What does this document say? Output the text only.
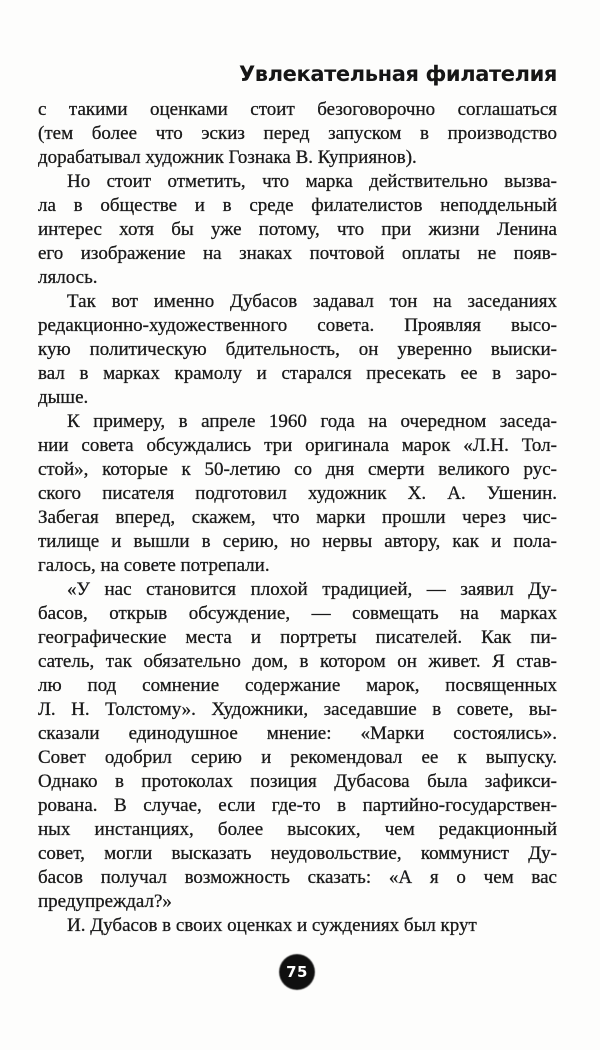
Увлекательная филателия
с такими оценками стоит безоговорочно соглашаться
(тем более что эскиз перед запуском в производство
дорабатывал художник Гознака В. Куприянов).
Но стоит отметить, что марка действительно вызва-
ла в обществе и в среде филателистов неподдельный
интерес хотя бы уже потому, что при жизни Ленина
его изображение на знаках почтовой оплаты не появ-
лялось.
Так вот именно Дубасов задавал тон на заседаниях
редакционно-художественного совета. Проявляя высо-
кую политическую бдительность, он уверенно выиски-
вал в марках крамолу и старался пресекать ее в заро-
дыше.
К примеру, в апреле 1960 года на очередном заседа-
нии совета обсуждались три оригинала марок «Л.Н. Тол-
стой», которые к 50-летию со дня смерти великого рус-
ского писателя подготовил художник Х. А. Ушенин.
Забегая вперед, скажем, что марки прошли через чис-
тилище и вышли в серию, но нервы автору, как и пола-
галось, на совете потрепали.
«У нас становится плохой традицией, — заявил Ду-
басов, открыв обсуждение, — совмещать на марках
географические места и портреты писателей. Как пи-
сатель, так обязательно дом, в котором он живет. Я став-
лю под сомнение содержание марок, посвященных
Л. Н. Толстому». Художники, заседавшие в совете, вы-
сказали единодушное мнение: «Марки состоялись».
Совет одобрил серию и рекомендовал ее к выпуску.
Однако в протоколах позиция Дубасова была зафикси-
рована. В случае, если где-то в партийно-государствен-
ных инстанциях, более высоких, чем редакционный
совет, могли высказать неудовольствие, коммунист Ду-
басов получал возможность сказать: «А я о чем вас
предупреждал?»
И. Дубасов в своих оценках и суждениях был крут
75
